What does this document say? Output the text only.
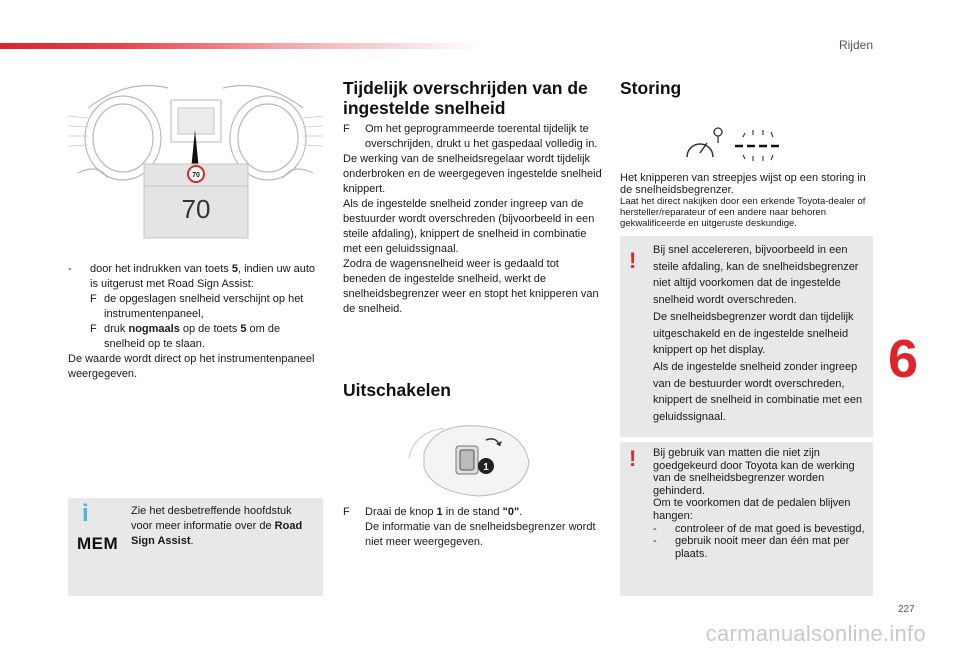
Rijden
6
227
carmanualsonline.info
70
70
-	door het indrukken van toets 5, indien uw auto is uitgerust met Road Sign Assist:
F de opgeslagen snelheid verschijnt op het instrumentenpaneel,
F druk nogmaals op de toets 5 om de snelheid op te slaan.

De waarde wordt direct op het instrumentenpaneel weergegeven.

i
MEM
Zie het desbetreffende hoofdstuk voor meer informatie over de Road Sign Assist.
Tijdelijk overschrijden van de ingestelde snelheid
F	Om het geprogrammeerde toerental tijdelijk te overschrijden, drukt u het gaspedaal volledig in.

De werking van de snelheidsregelaar wordt tijdelijk onderbroken en de weergegeven ingestelde snelheid knippert.

Als de ingestelde snelheid zonder ingreep van de bestuurder wordt overschreden (bijvoorbeeld in een steile afdaling), knippert de snelheid in combinatie met een geluidssignaal.

Zodra de wagensnelheid weer is gedaald tot beneden de ingestelde snelheid, werkt de snelheidsbegrenzer weer en stopt het knipperen van de snelheid.

Uitschakelen
1
F	Draai de knop 1 in de stand "0".
De informatie van de snelheidsbegrenzer wordt niet meer weergegeven.
Storing

Het knipperen van streepjes wijst op een storing in de snelheidsbegrenzer.

Laat het direct nakijken door een erkende Toyota-dealer of hersteller/reparateur of een andere naar behoren gekwalificeerde en uitgeruste deskundige.

! Bij snel accelereren, bijvoorbeeld in een steile afdaling, kan de snelheidsbegrenzer niet altijd voorkomen dat de ingestelde snelheid wordt overschreden.

De snelheidsbegrenzer wordt dan tijdelijk uitgeschakeld en de ingestelde snelheid knippert op het display.

Als de ingestelde snelheid zonder ingreep van de bestuurder wordt overschreden, knippert de snelheid in combinatie met een geluidssignaal.

! Bij gebruik van matten die niet zijn goedgekeurd door Toyota kan de werking van de snelheidsbegrenzer worden gehinderd.

Om te voorkomen dat de pedalen blijven hangen:

-	controleer of de mat goed is bevestigd,
-	gebruik nooit meer dan één mat per plaats.
